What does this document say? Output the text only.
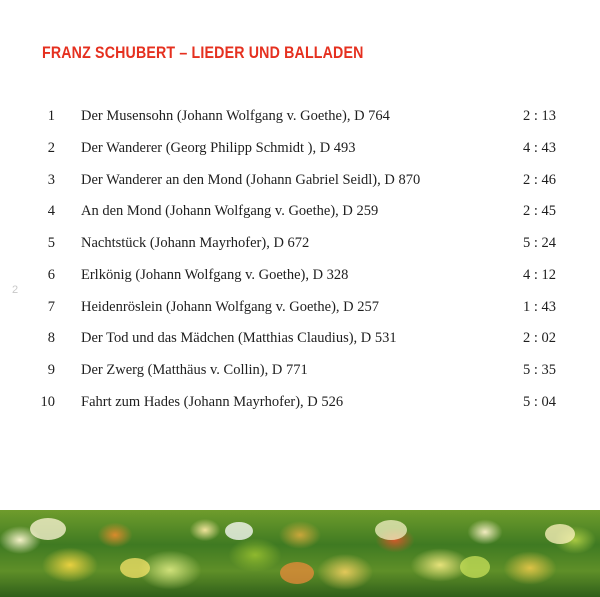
FRANZ SCHUBERT – LIEDER UND BALLADEN
2
1 Der Musensohn (Johann Wolfgang v. Goethe), D 764	2 : 13
2 Der Wanderer (Georg Philipp Schmidt ), D 493	4 : 43
3 Der Wanderer an den Mond (Johann Gabriel Seidl), D 870	2 : 46
4 An den Mond (Johann Wolfgang v. Goethe), D 259	2 : 45
5 Nachtstück (Johann Mayrhofer), D 672	5 : 24
6 Erlkönig (Johann Wolfgang v. Goethe), D 328	4 : 12
7 Heidenröslein (Johann Wolfgang v. Goethe), D 257	1 : 43
8 Der Tod und das Mädchen (Matthias Claudius), D 531	2 : 02
9 Der Zwerg (Matthäus v. Collin), D 771	5 : 35
10 Fahrt zum Hades (Johann Mayrhofer), D 526	5 : 04
